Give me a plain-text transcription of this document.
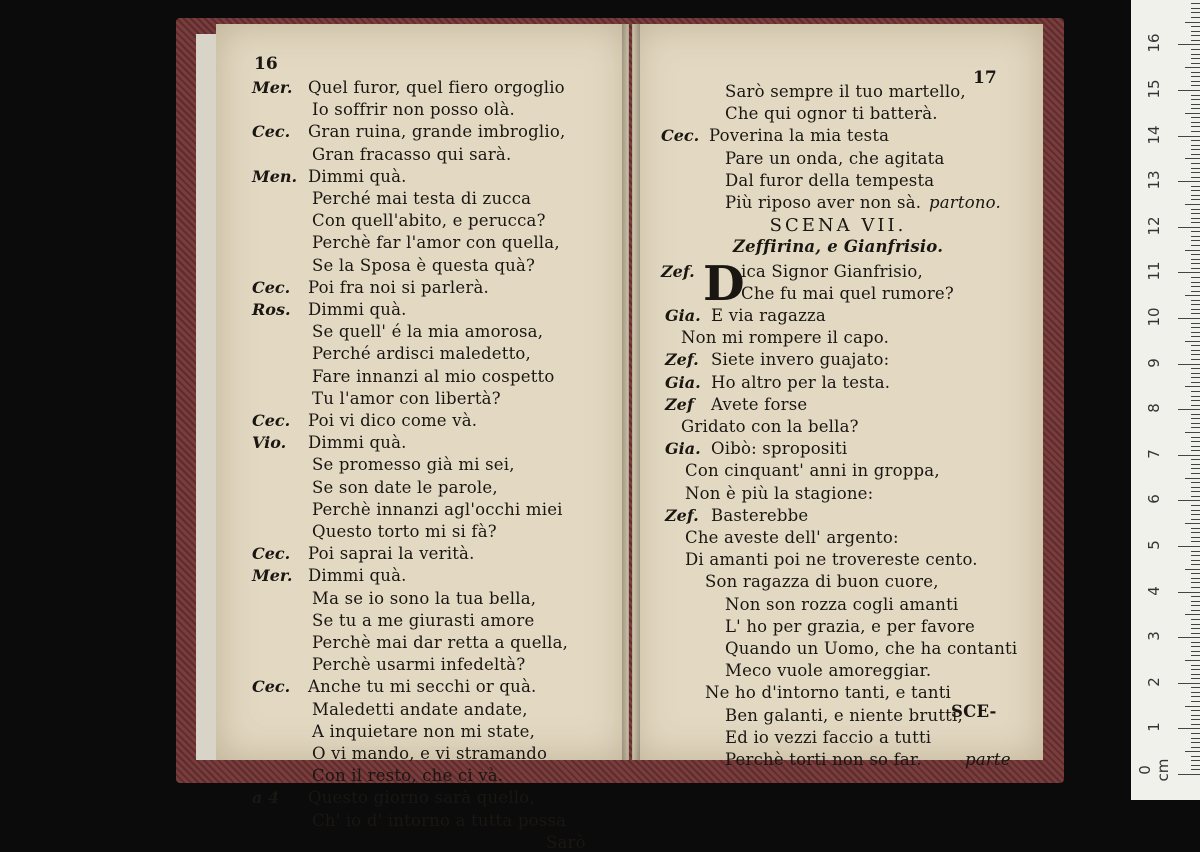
16
Mer. Quel furor, quel fiero orgoglio
Io soffrir non posso olà.
Cec. Gran ruina, grande imbroglio,
Gran fracasso qui sarà.
Men. Dimmi quà.
Perché mai testa di zucca
Con quell'abito, e perucca?
Perchè far l'amor con quella,
Se la Sposa è questa quà?
Cec. Poi fra noi si parlerà.
Ros. Dimmi quà.
Se quell' é la mia amorosa,
Perché ardisci maledetto,
Fare innanzi al mio cospetto
Tu l'amor con libertà?
Cec. Poi vi dico come và.
Vio. Dimmi quà.
Se promesso già mi sei,
Se son date le parole,
Perchè innanzi agl'occhi miei
Questo torto mi si fà?
Cec. Poi saprai la verità.
Mer. Dimmi quà.
Ma se io sono la tua bella,
Se tu a me giurasti amore
Perchè mai dar retta a quella,
Perchè usarmi infedeltà?
Cec. Anche tu mi secchi or quà.
Maledetti andate andate,
A inquietare non mi state,
O vi mando, e vi stramando
Con il resto, che ci và.
a 4 Questo giorno sarà quello,
Ch' io d' intorno a tutta possa
Sarò
17
Sarò sempre il tuo martello,
Che qui ognor ti batterà.
Cec. Poverina la mia testa
Pare un onda, che agitata
Dal furor della tempesta
Più riposo aver non sà. partono.
SCENA VII.
Zeffirina, e Gianfrisio.
D
Zef.	ica Signor Gianfrisio,
Che fu mai quel rumore?
Gia. E via ragazza
Non mi rompere il capo.
Zef. Siete invero guajato:
Gia. Ho altro per la testa.
Zef Avete forse
Gridato con la bella?
Gia. Oibò: spropositi
Con cinquant' anni in groppa,
Non è più la stagione:
Zef. Basterebbe
Che aveste dell' argento:
Di amanti poi ne trovereste cento.
Son ragazza di buon cuore,
Non son rozza cogli amanti
L' ho per grazia, e per favore
Quando un Uomo, che ha contanti
Meco vuole amoreggiar.
Ne ho d'intorno tanti, e tanti
Ben galanti, e niente brutti,
Ed io vezzi faccio a tutti
Perchè torti non so far.	parte
SCE-
0 cm
1
2
3
4
5
6
7
8
9
10
11
12
13
14
15
16
